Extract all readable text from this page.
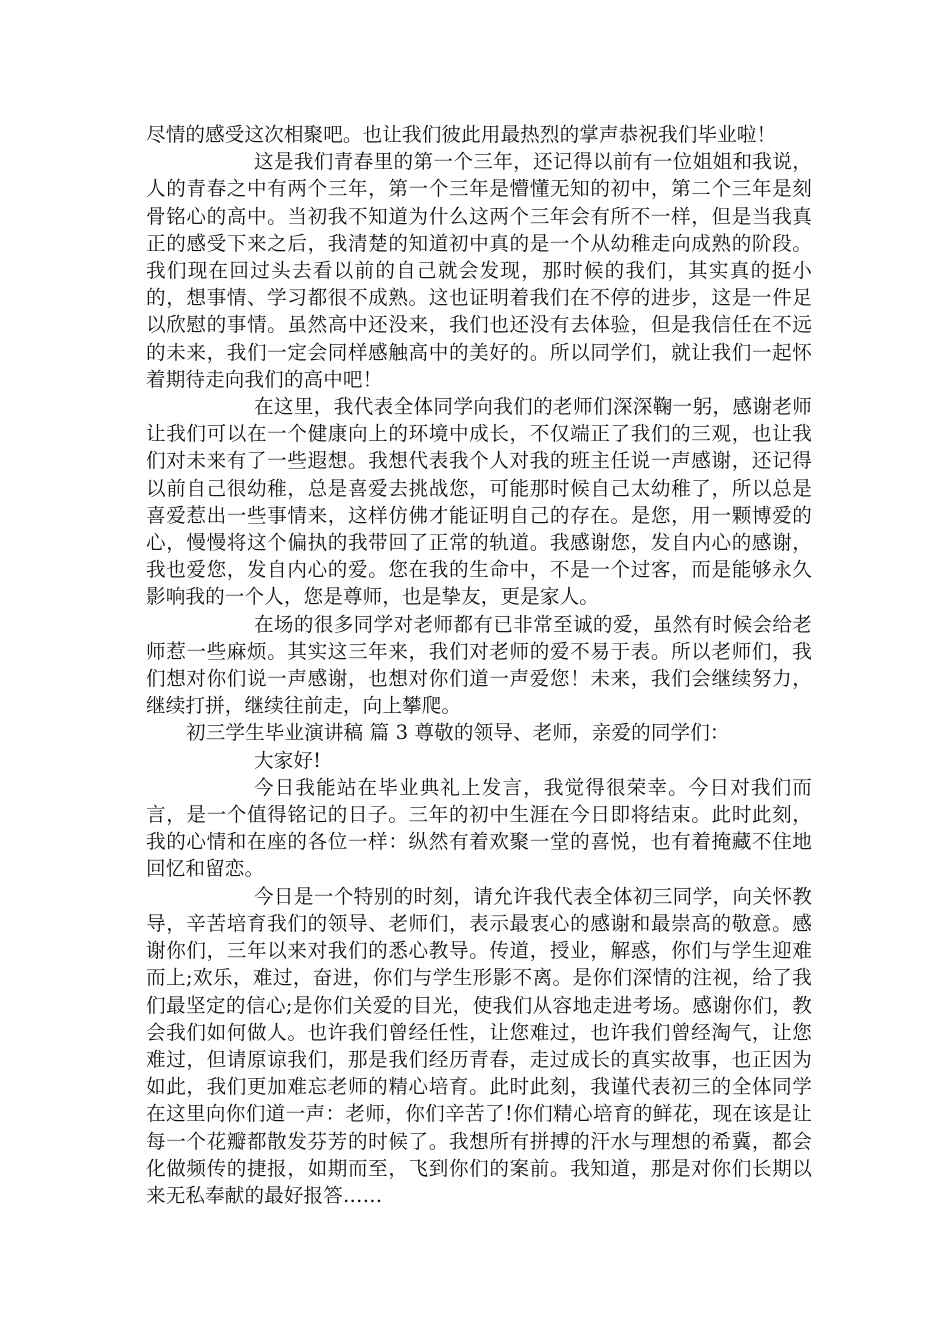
尽情的感受这次相聚吧。也让我们彼此用最热烈的掌声恭祝我们毕业啦！

这是我们青春里的第一个三年，还记得以前有一位姐姐和我说，人的青春之中有两个三年，第一个三年是懵懂无知的初中，第二个三年是刻骨铭心的高中。当初我不知道为什么这两个三年会有所不一样，但是当我真正的感受下来之后，我清楚的知道初中真的是一个从幼稚走向成熟的阶段。我们现在回过头去看以前的自己就会发现，那时候的我们，其实真的挺小的，想事情、学习都很不成熟。这也证明着我们在不停的进步，这是一件足以欣慰的事情。虽然高中还没来，我们也还没有去体验，但是我信任在不远的未来，我们一定会同样感触高中的美好的。所以同学们，就让我们一起怀着期待走向我们的高中吧！

在这里，我代表全体同学向我们的老师们深深鞠一躬，感谢老师让我们可以在一个健康向上的环境中成长，不仅端正了我们的三观，也让我们对未来有了一些遐想。我想代表我个人对我的班主任说一声感谢，还记得以前自己很幼稚，总是喜爱去挑战您，可能那时候自己太幼稚了，所以总是喜爱惹出一些事情来，这样仿佛才能证明自己的存在。是您，用一颗博爱的心，慢慢将这个偏执的我带回了正常的轨道。我感谢您，发自内心的感谢，我也爱您，发自内心的爱。您在我的生命中，不是一个过客，而是能够永久影响我的一个人，您是尊师，也是挚友，更是家人。

在场的很多同学对老师都有已非常至诚的爱，虽然有时候会给老师惹一些麻烦。其实这三年来，我们对老师的爱不易于表。所以老师们，我们想对你们说一声感谢，也想对你们道一声爱您！未来，我们会继续努力，继续打拼，继续往前走，向上攀爬。

初三学生毕业演讲稿 篇 3 尊敬的领导、老师，亲爱的同学们：

大家好!

今日我能站在毕业典礼上发言，我觉得很荣幸。今日对我们而言，是一个值得铭记的日子。三年的初中生涯在今日即将结束。此时此刻，我的心情和在座的各位一样：纵然有着欢聚一堂的喜悦，也有着掩藏不住地回忆和留恋。

今日是一个特别的时刻，请允许我代表全体初三同学，向关怀教导，辛苦培育我们的领导、老师们，表示最衷心的感谢和最崇高的敬意。感谢你们，三年以来对我们的悉心教导。传道，授业，解惑，你们与学生迎难而上;欢乐，难过，奋进，你们与学生形影不离。是你们深情的注视，给了我们最坚定的信心;是你们关爱的目光，使我们从容地走进考场。感谢你们，教会我们如何做人。也许我们曾经任性，让您难过，也许我们曾经淘气，让您难过，但请原谅我们，那是我们经历青春，走过成长的真实故事，也正因为如此，我们更加难忘老师的精心培育。此时此刻，我谨代表初三的全体同学在这里向你们道一声：老师，你们辛苦了!你们精心培育的鲜花，现在该是让每一个花瓣都散发芬芳的时候了。我想所有拼搏的汗水与理想的希冀，都会化做频传的捷报，如期而至，飞到你们的案前。我知道，那是对你们长期以来无私奉献的最好报答……
